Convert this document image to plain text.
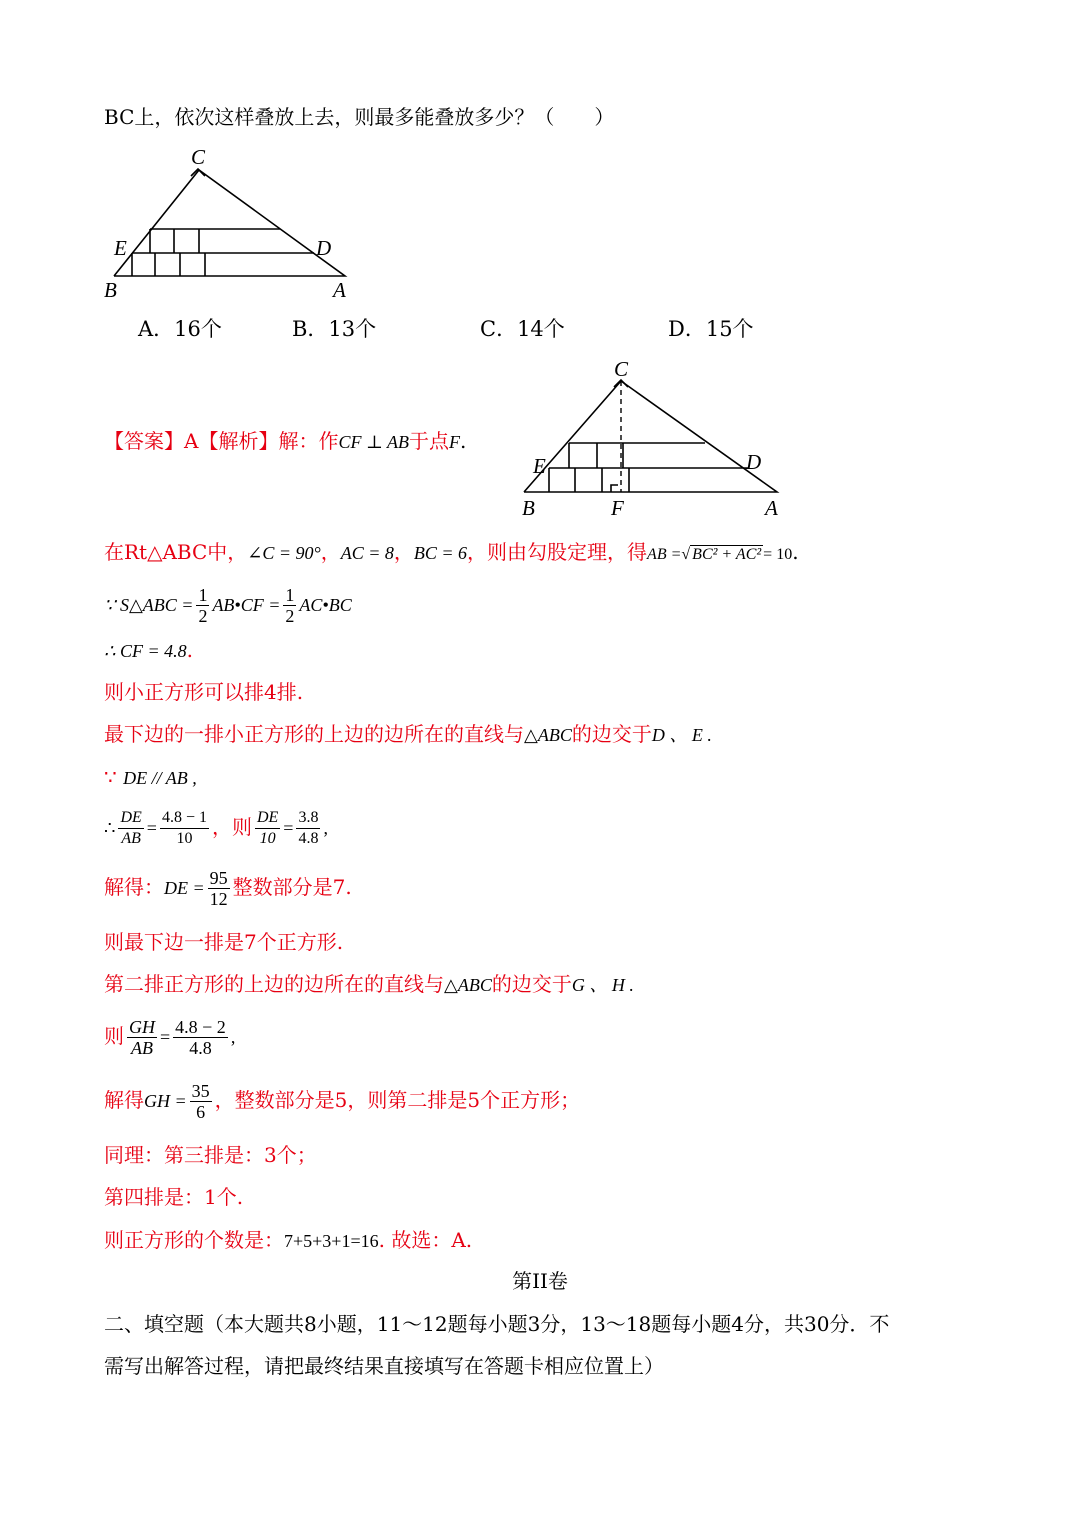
BC上，依次这样叠放上去，则最多能叠放多少？（　　）
C
E	D
B	A
A．16个	B．13个	C．14个	D．15个
C
E	D
B	F	A
【答案】A【解析】解：作CF ⊥ AB于点F.
在Rt△ABC中，∠C = 90°，AC = 8，BC = 6，则由勾股定理，得AB =√ BC² + AC² = 10.
∵ S△ABC = $\frac{1}{2}$ AB•CF = $\frac{1}{2}$ AC•BC
∴ CF = 4.8.
则小正方形可以排4排.
最下边的一排小正方形的上边的边所在的直线与△ABC的边交于D 、 E .
∵ DE // AB ,
∴ $\frac{DE}{AB} = \frac{4.8 - 1}{10}$ ，则 $\frac{DE}{10} = \frac{3.8}{4.8}$ ,
解得：DE = $\frac{95}{12}$ 整数部分是7.
则最下边一排是7个正方形.
第二排正方形的上边的边所在的直线与△ABC的边交于G 、 H .
则 $\frac{GH}{AB} = \frac{4.8 - 2}{4.8}$ ,
解得GH = $\frac{35}{6}$ ，整数部分是5，则第二排是5个正方形；
同理：第三排是：3个；
第四排是：1个.
则正方形的个数是：7+5+3+1=16. 故选：A.
第II卷
二、填空题（本大题共8小题，11～12题每小题3分，13～18题每小题4分，共30分．不
需写出解答过程，请把最终结果直接填写在答题卡相应位置上）
